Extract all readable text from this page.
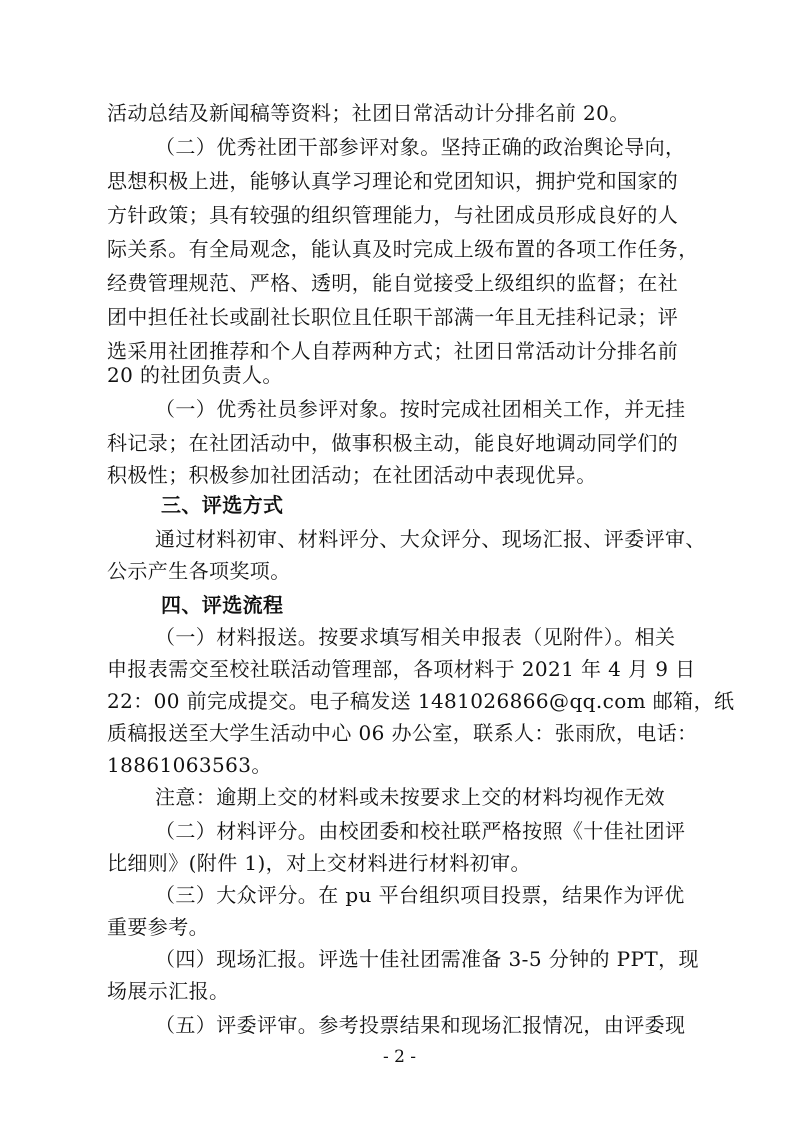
活动总结及新闻稿等资料；社团日常活动计分排名前 20。
（二）优秀社团干部参评对象。坚持正确的政治舆论导向，
思想积极上进，能够认真学习理论和党团知识，拥护党和国家的
方针政策；具有较强的组织管理能力，与社团成员形成良好的人
际关系。有全局观念，能认真及时完成上级布置的各项工作任务，
经费管理规范、严格、透明，能自觉接受上级组织的监督；在社
团中担任社长或副社长职位且任职干部满一年且无挂科记录；评
选采用社团推荐和个人自荐两种方式；社团日常活动计分排名前
20 的社团负责人。
（一）优秀社员参评对象。按时完成社团相关工作，并无挂
科记录；在社团活动中，做事积极主动，能良好地调动同学们的
积极性；积极参加社团活动；在社团活动中表现优异。
三、评选方式
通过材料初审、材料评分、大众评分、现场汇报、评委评审、
公示产生各项奖项。
四、评选流程
（一）材料报送。按要求填写相关申报表（见附件）。相关
申报表需交至校社联活动管理部，各项材料于 2021 年 4 月 9 日
22：00 前完成提交。电子稿发送 1481026866@qq.com 邮箱，纸
质稿报送至大学生活动中心 06 办公室，联系人：张雨欣，电话：
18861063563。
注意：逾期上交的材料或未按要求上交的材料均视作无效
（二）材料评分。由校团委和校社联严格按照《十佳社团评
比细则》(附件 1)，对上交材料进行材料初审。
（三）大众评分。在 pu 平台组织项目投票，结果作为评优
重要参考。
（四）现场汇报。评选十佳社团需准备 3-5 分钟的 PPT，现
场展示汇报。
（五）评委评审。参考投票结果和现场汇报情况，由评委现
- 2 -
